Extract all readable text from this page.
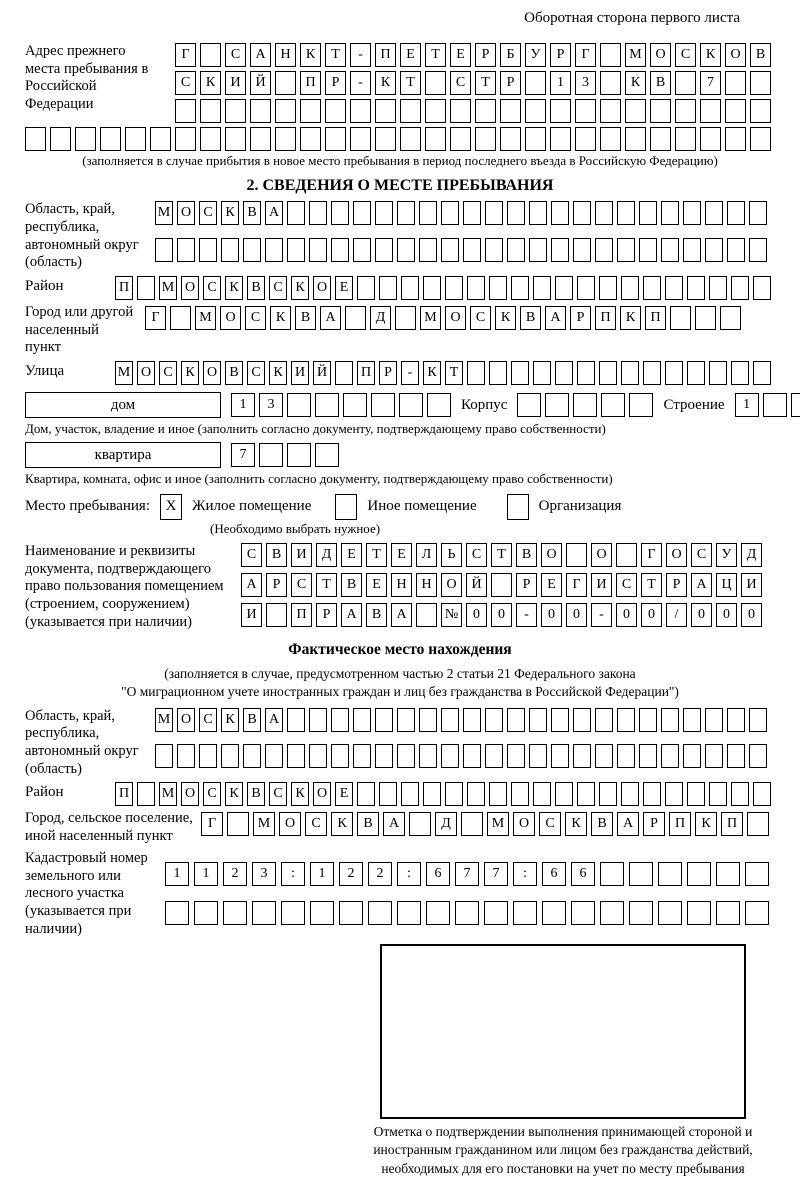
Оборотная сторона первого листа
Адрес прежнего места пребывания в Российской Федерации
Г	С	А	Н	К	Т	-	П	Е	Т	Е	Р	Б	У	Р	Г	М О	С	К	О	В
С	К	И	Й	П	Р	-	К	Т	С	Т	Р	1	3	К	В	7
(заполняется в случае прибытия в новое место пребывания в период последнего въезда в Российскую Федерацию)
2. СВЕДЕНИЯ О МЕСТЕ ПРЕБЫВАНИЯ
Область, край, республика, автономный округ (область)
М О С К В А
Район	П М О С К В С К О Е
Город или другой населенный пункт
Г	М О	С	К	В	А	Д	М О	С	К	В	А	Р	П	К	П
Улица	М О С К О В С К И Й П Р	-	К Т
дом	1	3	Корпус	Строение	1
Дом, участок, владение и иное (заполнить согласно документу, подтверждающему право собственности)
квартира	7
Квартира, комната, офис и иное (заполнить согласно документу, подтверждающему право собственности)
Место пребывания:	X	Жилое помещение	Иное помещение	Организация
(Необходимо выбрать нужное)
Наименование и реквизиты документа, подтверждающего право пользования помещением (строением, сооружением) (указывается при наличии)
С	В	И	Д	Е	Т	Е	Л	Ь	С	Т	В	О	О	Г	О	С	У	Д
А	Р	С	Т	В	Е	Н	Н	О	Й	Р	Е	Г	И	С	Т	Р	А	Ц	И
И	П	Р	А	В	А	№	0	0	-	0	0	-	0	0	/	0	0	0
Фактическое место нахождения
(заполняется в случае, предусмотренном частью 2 статьи 21 Федерального закона
"О миграционном учете иностранных граждан и лиц без гражданства в Российской Федерации")
Область, край, республика, автономный округ (область)
М О С К В А
Район	П М О С К В С К О Е
Город, сельское поселение, иной населенный пункт
Г	М	О	С	К	В	А	Д	М	О	С	К	В	А	Р	П	К	П
Кадастровый номер земельного или лесного участка (указывается при наличии)
1	1	2	3	:	1	2	2	:	6	7	7	:	6	6
Отметка о подтверждении выполнения принимающей стороной и иностранным гражданином или лицом без гражданства действий, необходимых для его постановки на учет по месту пребывания
